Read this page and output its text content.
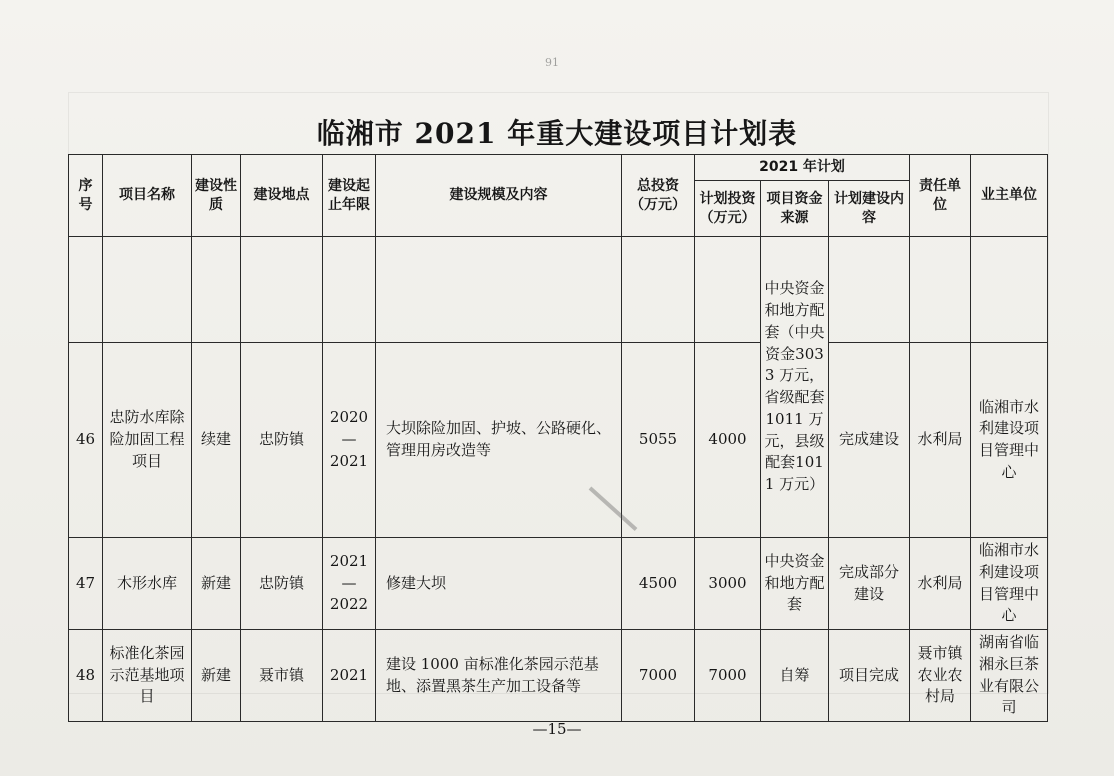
91
临湘市 2021 年重大建设项目计划表
序号	项目名称	建设性质	建设地点	建设起止年限	建设规模及内容	总投资（万元）	2021 年计划			责任单位	业主单位
							计划投资（万元）	项目资金来源	计划建设内容		
								中央资金和地方配套（中央资金3033 万元，省级配套1011 万元，县级配套1011 万元）			
46	忠防水库除险加固工程项目	续建	忠防镇	2020
—
2021	大坝除险加固、护坡、公路硬化、管理用房改造等	5055	4000		完成建设	水利局	临湘市水利建设项目管理中心
47	木形水库	新建	忠防镇	2021
—
2022	修建大坝	4500	3000	中央资金和地方配套	完成部分建设	水利局	临湘市水利建设项目管理中心
48	标准化茶园示范基地项目	新建	聂市镇	2021	建设 1000 亩标准化茶园示范基地、添置黑茶生产加工设备等	7000	7000	自筹	项目完成	聂市镇农业农村局	湖南省临湘永巨茶业有限公司
—15—
